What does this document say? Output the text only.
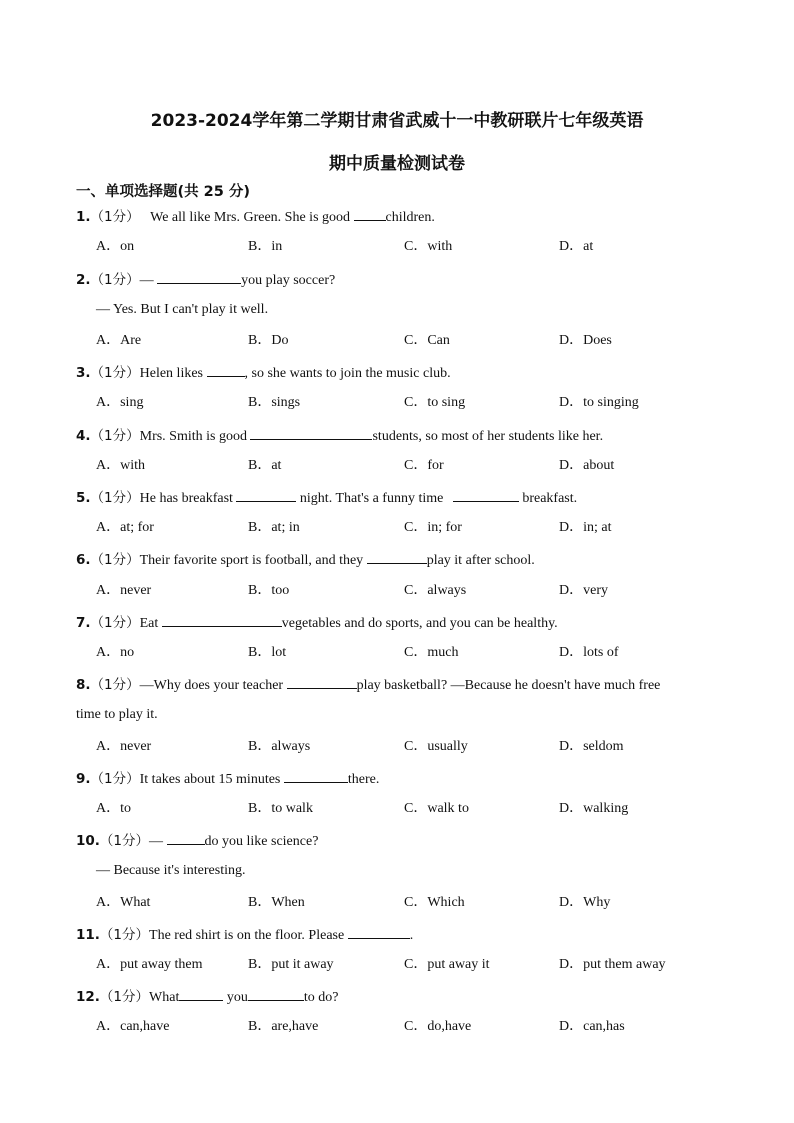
2023-2024学年第二学期甘肃省武威十一中教研联片七年级英语
期中质量检测试卷
一、单项选择题(共 25 分)
1.（1分） We all like Mrs. Green. She is good children.
A．on	B．in	C．with	D．at
2.（1分）—	you play soccer?
— Yes. But I can't play it well.
A．Are	B．Do	C．Can	D．Does
3.（1分）Helen likes	, so she wants to join the music club.
A．sing	B．sings	C．to sing	D．to singing
4.（1分）Mrs. Smith is good	students, so most of her students like her.
A．with	B．at	C．for	D．about
5.（1分）He has breakfast	night. That's a funny time	breakfast.
A．at; for	B．at; in	C．in; for	D．in; at
6.（1分）Their favorite sport is football, and they	play it after school.
A．never	B．too	C．always	D．very
7.（1分）Eat	vegetables and do sports, and you can be healthy.
A．no	B．lot	C．much	D．lots of
8.（1分）—Why does your teacher	play basketball? —Because he doesn't have much free
time to play it.
A．never	B．always	C．usually	D．seldom
9.（1分）It takes about 15 minutes	there.
A．to	B．to walk	C．walk to	D．walking
10.（1分）—	do you like science?
— Because it's interesting.
A．What	B．When	C．Which	D．Why
11.（1分）The red shirt is on the floor. Please	.
A．put away them	B．put it away	C．put away it	D．put them away
12.（1分）What	you	to do?
A．can,have	B．are,have	C．do,have	D．can,has
